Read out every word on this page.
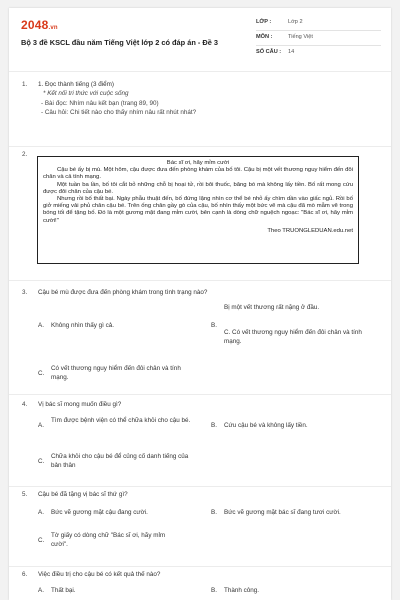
2048.vn
Bộ 3 đề KSCL đầu năm Tiếng Việt lớp 2 có đáp án - Đề 3
LỚP :	Lớp 2
MÔN :	Tiếng Việt
SỐ CÂU : 14
1. 1. Đọc thành tiếng (3 điểm)
* Kết nối tri thức với cuộc sống
- Bài đọc: Nhím nâu kết bạn (trang 89, 90)
- Câu hỏi: Chi tiết nào cho thấy nhím nâu rất nhút nhát?
2.
Bác sĩ ơi, hãy mỉm cười

Cậu bé ấy bị mù. Một hôm, cậu được đưa đến phòng khám của bố tôi. Cậu bị một vết thương nguy hiểm đến đôi chân và cả tính mạng.

Một tuần ba lần, bố tôi cắt bỏ những chỗ bị hoại tử, rồi bôi thuốc, băng bó mà không lấy tiền. Bố rất mong cứu được đôi chân của cậu bé.

Nhưng rồi bố thất bại. Ngày phẫu thuật đến, bố đứng lặng nhìn cơ thể bé nhỏ ấy chìm dần vào giấc ngủ. Rồi bố giở miếng vải phủ chân cậu bé. Trên ống chân gầy gò của cậu, bố nhìn thấy một bức vẽ mà cậu đã mò mẫm vẽ trong bóng tối để tặng bố. Đó là một gương mặt đang mỉm cười, bên cạnh là dòng chữ nguệch ngoạc: "Bác sĩ ơi, hãy mỉm cười!"

Theo TRUONGLEDUAN.edu.net
3. Cậu bé mù được đưa đến phòng khám trong tình trạng nào?
A. Không nhìn thấy gì cả.
Bị một vết thương rất nặng ở đầu.
B.
C. Có vết thương nguy hiểm đến đôi chân và tính mạng.
C.
Có vết thương nguy hiểm đến đôi chân và tính mạng.
4. Vị bác sĩ mong muốn điều gì?
A.
Tìm được bệnh viện có thể chữa khỏi cho cậu bé.
B. Cứu cậu bé và không lấy tiền.
C.
Chữa khỏi cho cậu bé để củng cố danh tiếng của bản thân
5. Cậu bé đã tặng vị bác sĩ thứ gì?
A. Bức vẽ gương mặt cậu đang cười.	B. Bức vẽ gương mặt bác sĩ đang tươi cười.
C.
Tờ giấy có dòng chữ "Bác sĩ ơi, hãy mỉm cười".
6. Việc điều trị cho cậu bé có kết quả thế nào?
A. Thất bại.	B. Thành công.
